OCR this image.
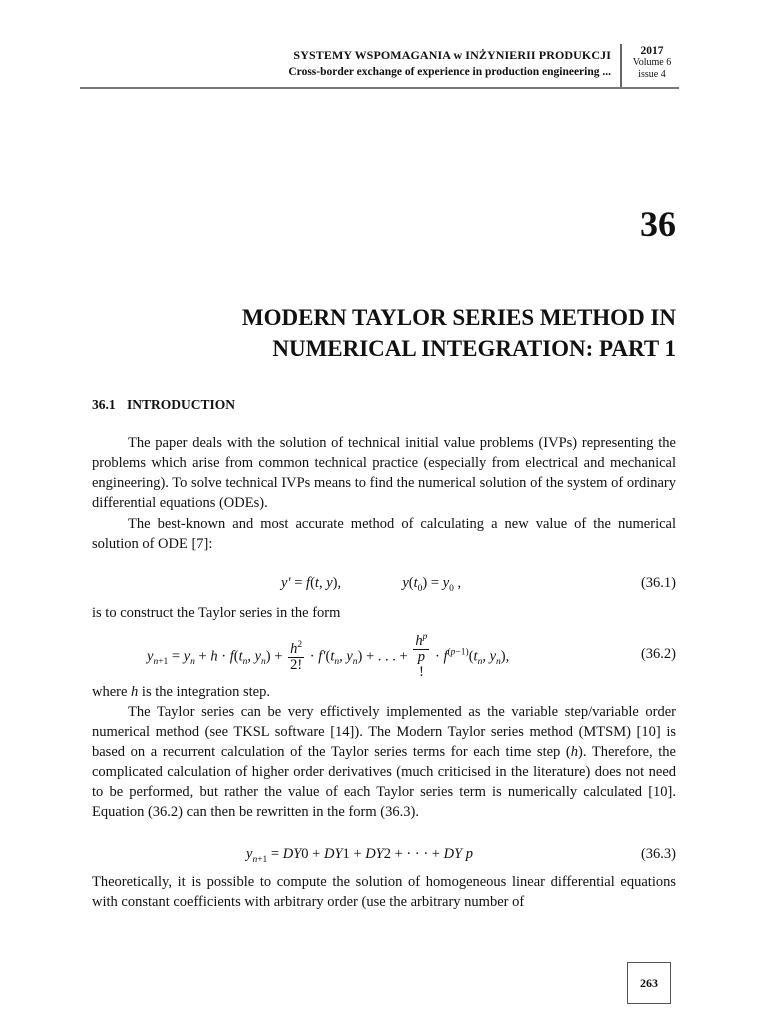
SYSTEMY WSPOMAGANIA w INŻYNIERII PRODUKCJI
Cross-border exchange of experience in production engineering ...
2017
Volume 6
issue 4
36
MODERN TAYLOR SERIES METHOD IN
NUMERICAL INTEGRATION: PART 1
36.1 INTRODUCTION
The paper deals with the solution of technical initial value problems (IVPs) representing the problems which arise from common technical practice (especially from electrical and mechanical engineering). To solve technical IVPs means to find the numerical solution of the system of ordinary differential equations (ODEs).
The best-known and most accurate method of calculating a new value of the numerical solution of ODE [7]:
y′ = f(t, y),	$y(t_0) = y_0$ ,	(36.1)
is to construct the Taylor series in the form
$y_{n+1} = y_n + h \cdot f(t_n$, $y_n) + \frac{h^2}{2!} \cdot f'(t_n$, $y_n$) + . . . + $h^p$
p
! · $f^{(p-1)}(t_n$, $y_n$),	(36.2)
where h is the integration step.
The Taylor series can be very effictively implemented as the variable step/variable order numerical method (see TKSL software [14]). The Modern Taylor series method (MTSM) [10] is based on a recurrent calculation of the Taylor series terms for each time step (h). Therefore, the complicated calculation of higher order derivatives (much criticised in the literature) does not need to be performed, but rather the value of each Taylor series term is numerically calculated [10]. Equation (36.2) can then be rewritten in the form (36.3).
$y_{n+1} = DY0 + DY1 + DY2$ + · · · + DY p	(36.3)
Theoretically, it is possible to compute the solution of homogeneous linear differential equations with constant coefficients with arbitrary order (use the arbitrary number of
263
